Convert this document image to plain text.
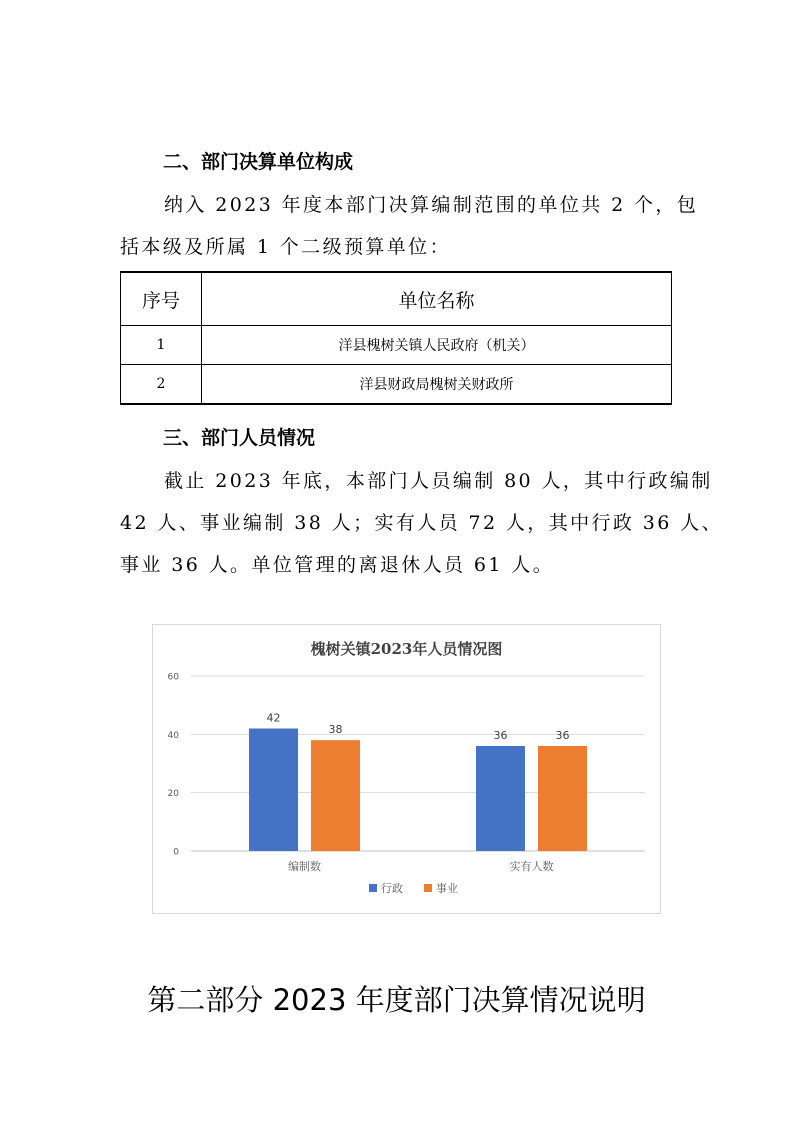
二、部门决算单位构成
纳入 2023 年度本部门决算编制范围的单位共 2 个，包
括本级及所属 1 个二级预算单位：
序号	单位名称
1	洋县槐树关镇人民政府（机关）
2	洋县财政局槐树关财政所
三、部门人员情况
截止 2023 年底，本部门人员编制 80 人，其中行政编制
42 人、事业编制 38 人；实有人员 72 人，其中行政 36 人、
事业 36 人。单位管理的离退休人员 61 人。
槐树关镇2023年人员情况图
0
20
40
60
42
38
编制数
36	36
实有人数
行政	事业
第二部分 2023 年度部门决算情况说明
